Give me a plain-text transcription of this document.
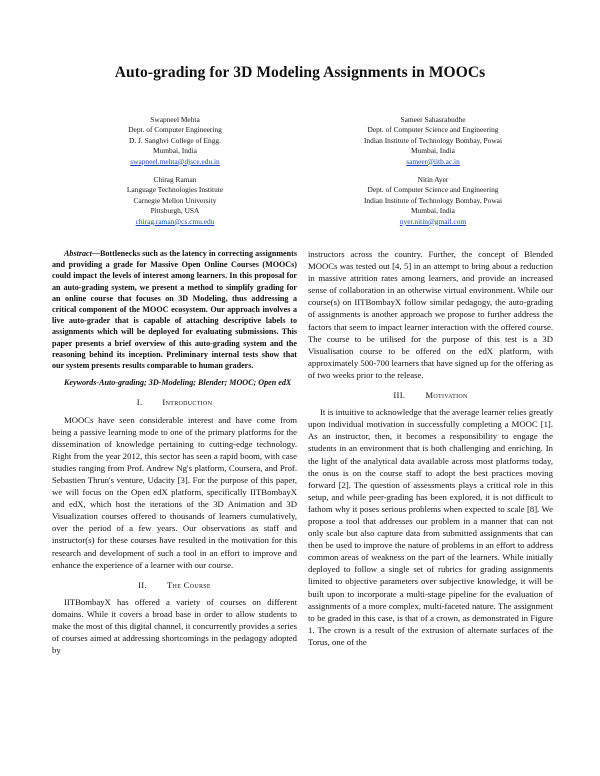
Auto-grading for 3D Modeling Assignments in MOOCs
Swapneel Mehta
Dept. of Computer Engineering
D. J. Sanghvi College of Engg.
Mumbai, India
swapneel.mehta@djsce.edu.in
Sameer Sahasrabudhe
Dept. of Computer Science and Engineering
Indian Institute of Technology Bombay, Powai
Mumbai, India
sameer@iitb.ac.in
Chirag Raman
Language Technologies Institute
Carnegie Mellon University
Pittsburgh, USA
chirag.raman@cs.cmu.edu
Nitin Ayer
Dept. of Computer Science and Engineering
Indian Institute of Technology Bombay, Powai
Mumbai, India
nyer.nitin@gmail.com

Abstract—Bottlenecks such as the latency in correcting assignments and providing a grade for Massive Open Online Courses (MOOCs) could impact the levels of interest among learners. In this proposal for an auto-grading system, we present a method to simplify grading for an online course that focuses on 3D Modeling, thus addressing a critical component of the MOOC ecosystem. Our approach involves a live auto-grader that is capable of attaching descriptive labels to assignments which will be deployed for evaluating submissions. This paper presents a brief overview of this auto-grading system and the reasoning behind its inception. Preliminary internal tests show that our system presents results comparable to human graders.

Keywords-Auto-grading; 3D-Modeling; Blender; MOOC; Open edX

I. Introduction

MOOCs have seen considerable interest and have come from being a passive learning mode to one of the primary platforms for the dissemination of knowledge pertaining to cutting-edge technology. Right from the year 2012, this sector has seen a rapid boom, with case studies ranging from Prof. Andrew Ng's platform, Coursera, and Prof. Sebastien Thrun's venture, Udacity [3]. For the purpose of this paper, we will focus on the Open edX platform, specifically IITBombayX and edX, which host the iterations of the 3D Animation and 3D Visualization courses offered to thousands of learners cumulatively, over the period of a few years. Our observations as staff and instructor(s) for these courses have resulted in the motivation for this research and development of such a tool in an effort to improve and enhance the experience of a learner with our course.

II. The Course

IITBombayX has offered a variety of courses on different domains. While it covers a broad base in order to allow students to make the most of this digital channel, it concurrently provides a series of courses aimed at addressing shortcomings in the pedagogy adopted by

instructors across the country. Further, the concept of Blended MOOCs was tested out [4, 5] in an attempt to bring about a reduction in massive attrition rates among learners, and provide an increased sense of collaboration in an otherwise virtual environment. While our course(s) on IITBombayX follow similar pedagogy, the auto-grading of assignments is another approach we propose to further address the factors that seem to impact learner interaction with the offered course. The course to be utilised for the purpose of this test is a 3D Visualisation course to be offered on the edX platform, with approximately 500-700 learners that have signed up for the offering as of two weeks prior to the release.

III. Motivation

It is intuitive to acknowledge that the average learner relies greatly upon individual motivation in successfully completing a MOOC [1]. As an instructor, then, it becomes a responsibility to engage the students in an environment that is both challenging and enriching. In the light of the analytical data available across most platforms today, the onus is on the course staff to adopt the best practices moving forward [2]. The question of assessments plays a critical role in this setup, and while peer-grading has been explored, it is not difficult to fathom why it poses serious problems when expected to scale [8]. We propose a tool that addresses our problem in a manner that can not only scale but also capture data from submitted assignments that can then be used to improve the nature of problems in an effort to address common areas of weakness on the part of the learners. While initially deployed to follow a single set of rubrics for grading assignments limited to objective parameters over subjective knowledge, it will be built upon to incorporate a multi-stage pipeline for the evaluation of assignments of a more complex, multi-faceted nature. The assignment to be graded in this case, is that of a crown, as demonstrated in Figure 1. The crown is a result of the extrusion of alternate surfaces of the Torus, one of the
